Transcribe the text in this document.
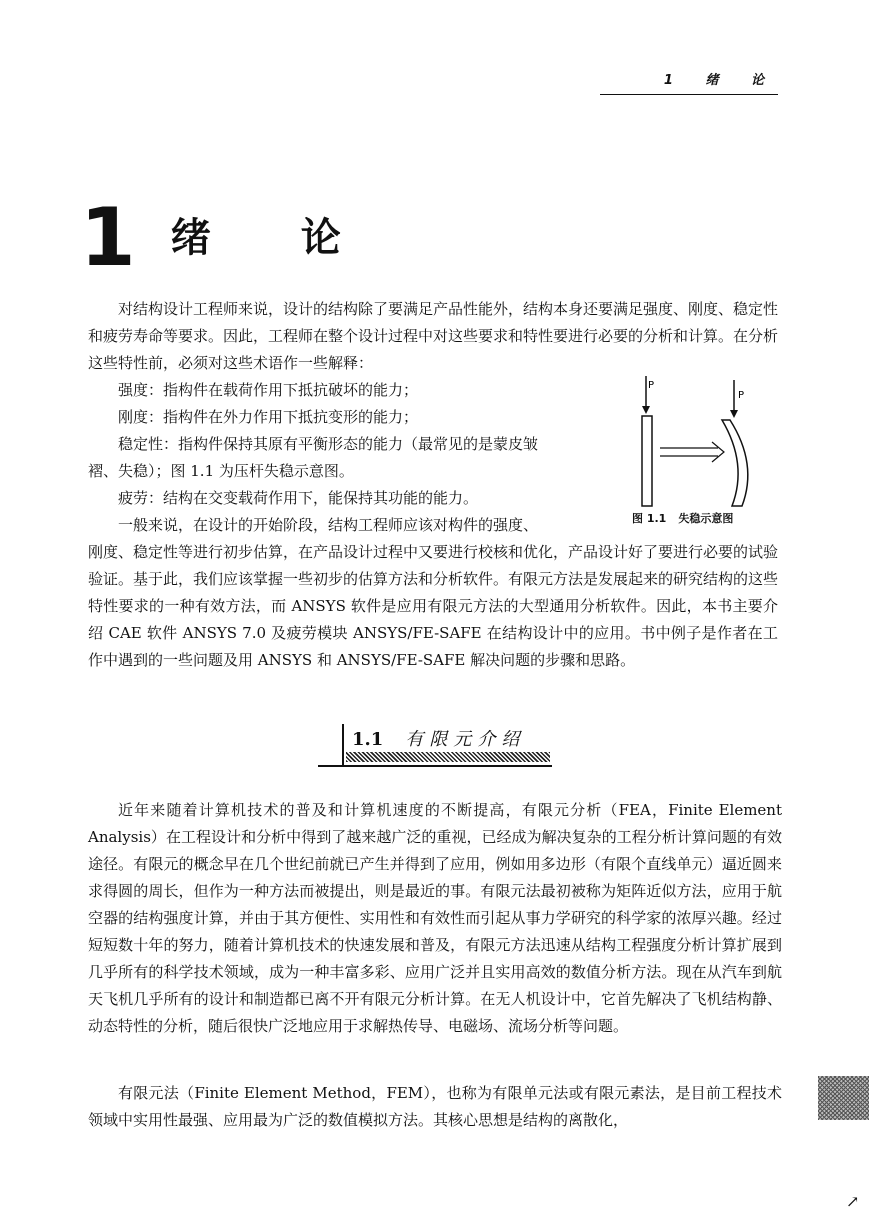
1 绪 论
1 绪论

对结构设计工程师来说，设计的结构除了要满足产品性能外，结构本身还要满足强度、刚度、稳定性和疲劳寿命等要求。因此，工程师在整个设计过程中对这些要求和特性要进行必要的分析和计算。在分析这些特性前，必须对这些术语作一些解释：

强度：指构件在载荷作用下抵抗破坏的能力；
刚度：指构件在外力作用下抵抗变形的能力；
稳定性：指构件保持其原有平衡形态的能力（最常见的是蒙皮皱
褶、失稳）；图 1.1 为压杆失稳示意图。
疲劳：结构在交变载荷作用下，能保持其功能的能力。
一般来说，在设计的开始阶段，结构工程师应该对构件的强度、

刚度、稳定性等进行初步估算，在产品设计过程中又要进行校核和优化，产品设计好了要进行必要的试验验证。基于此，我们应该掌握一些初步的估算方法和分析软件。有限元方法是发展起来的研究结构的这些特性要求的一种有效方法，而 ANSYS 软件是应用有限元方法的大型通用分析软件。因此，本书主要介绍 CAE 软件 ANSYS 7.0 及疲劳模块 ANSYS/FE-SAFE 在结构设计中的应用。书中例子是作者在工作中遇到的一些问题及用 ANSYS 和 ANSYS/FE-SAFE 解决问题的步骤和思路。

P
P
图 1.1 失稳示意图
1.1 有限元介绍

近年来随着计算机技术的普及和计算机速度的不断提高，有限元分析（FEA，Finite Element Analysis）在工程设计和分析中得到了越来越广泛的重视，已经成为解决复杂的工程分析计算问题的有效途径。有限元的概念早在几个世纪前就已产生并得到了应用，例如用多边形（有限个直线单元）逼近圆来求得圆的周长，但作为一种方法而被提出，则是最近的事。有限元法最初被称为矩阵近似方法，应用于航空器的结构强度计算，并由于其方便性、实用性和有效性而引起从事力学研究的科学家的浓厚兴趣。经过短短数十年的努力，随着计算机技术的快速发展和普及，有限元方法迅速从结构工程强度分析计算扩展到几乎所有的科学技术领域，成为一种丰富多彩、应用广泛并且实用高效的数值分析方法。现在从汽车到航天飞机几乎所有的设计和制造都已离不开有限元分析计算。在无人机设计中，它首先解决了飞机结构静、动态特性的分析，随后很快广泛地应用于求解热传导、电磁场、流场分析等问题。

有限元法（Finite Element Method，FEM），也称为有限单元法或有限元素法，是目前工程技术领域中实用性最强、应用最为广泛的数值模拟方法。其核心思想是结构的离散化，

↗
